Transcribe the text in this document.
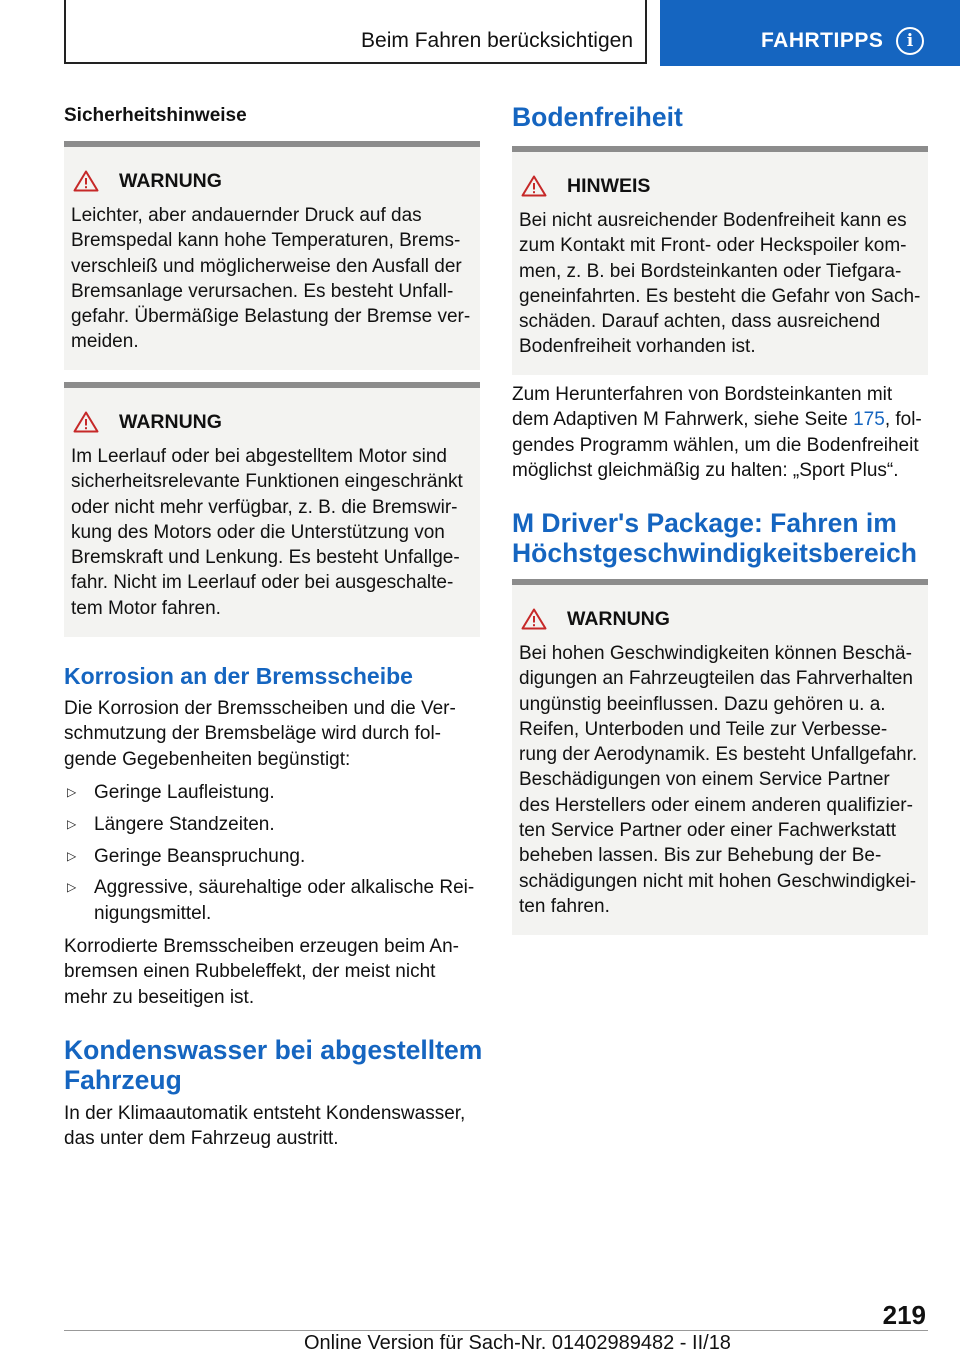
Beim Fahren berücksichtigen	FAHRTIPPS	i
Sicherheitshinweise
WARNUNG
Leichter, aber andauernder Druck auf das
Bremspedal kann hohe Temperaturen, Brems-
verschleiß und möglicherweise den Ausfall der
Bremsanlage verursachen. Es besteht Unfall-
gefahr. Übermäßige Belastung der Bremse ver-
meiden.
WARNUNG
Im Leerlauf oder bei abgestelltem Motor sind
sicherheitsrelevante Funktionen eingeschränkt
oder nicht mehr verfügbar, z. B. die Bremswir-
kung des Motors oder die Unterstützung von
Bremskraft und Lenkung. Es besteht Unfallge-
fahr. Nicht im Leerlauf oder bei ausgeschalte-
tem Motor fahren.
Korrosion an der Bremsscheibe
Die Korrosion der Bremsscheiben und die Ver-
schmutzung der Bremsbeläge wird durch fol-
gende Gegebenheiten begünstigt:
▷ Geringe Laufleistung.
▷ Längere Standzeiten.
▷ Geringe Beanspruchung.
▷ Aggressive, säurehaltige oder alkalische Rei-
nigungsmittel.
Korrodierte Bremsscheiben erzeugen beim An-
bremsen einen Rubbeleffekt, der meist nicht
mehr zu beseitigen ist.
Kondenswasser bei abgestelltem
Fahrzeug
In der Klimaautomatik entsteht Kondenswasser,
das unter dem Fahrzeug austritt.
Bodenfreiheit
HINWEIS
Bei nicht ausreichender Bodenfreiheit kann es
zum Kontakt mit Front- oder Heckspoiler kom-
men, z. B. bei Bordsteinkanten oder Tiefgara-
geneinfahrten. Es besteht die Gefahr von Sach-
schäden. Darauf achten, dass ausreichend
Bodenfreiheit vorhanden ist.
Zum Herunterfahren von Bordsteinkanten mit
dem Adaptiven M Fahrwerk, siehe Seite 175, fol-
gendes Programm wählen, um die Bodenfreiheit
möglichst gleichmäßig zu halten: „Sport Plus“.
M Driver's Package: Fahren im
Höchstgeschwindigkeitsbereich
WARNUNG
Bei hohen Geschwindigkeiten können Beschä-
digungen an Fahrzeugteilen das Fahrverhalten
ungünstig beeinflussen. Dazu gehören u. a.
Reifen, Unterboden und Teile zur Verbesse-
rung der Aerodynamik. Es besteht Unfallgefahr.
Beschädigungen von einem Service Partner
des Herstellers oder einem anderen qualifizier-
ten Service Partner oder einer Fachwerkstatt
beheben lassen. Bis zur Behebung der Be-
schädigungen nicht mit hohen Geschwindigkei-
ten fahren.
219
Online Version für Sach-Nr. 01402989482 - II/18
